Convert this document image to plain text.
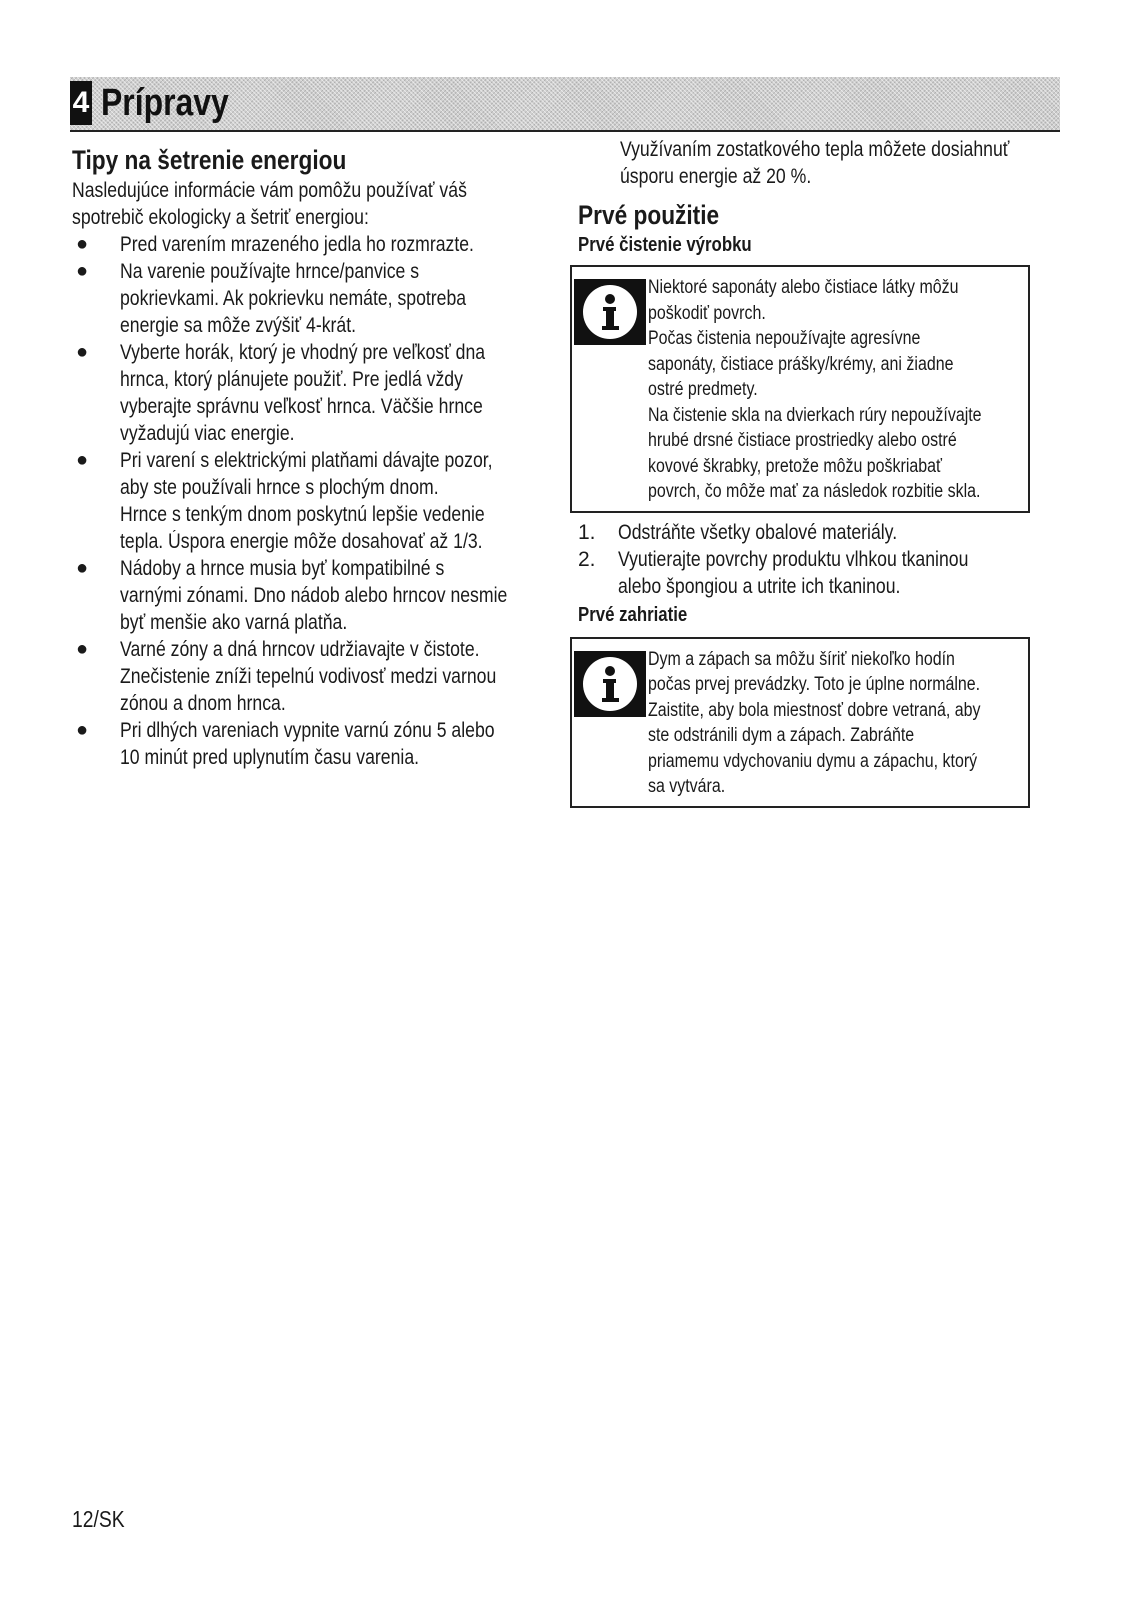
4 Prípravy
Tipy na šetrenie energiou
Nasledujúce informácie vám pomôžu používať váš
spotrebič ekologicky a šetriť energiou:
● Pred varením mrazeného jedla ho rozmrazte.
● Na varenie používajte hrnce/panvice s
pokrievkami. Ak pokrievku nemáte, spotreba
energie sa môže zvýšiť 4-krát.
● Vyberte horák, ktorý je vhodný pre veľkosť dna
hrnca, ktorý plánujete použiť. Pre jedlá vždy
vyberajte správnu veľkosť hrnca. Väčšie hrnce
vyžadujú viac energie.
● Pri varení s elektrickými platňami dávajte pozor,
aby ste používali hrnce s plochým dnom.
Hrnce s tenkým dnom poskytnú lepšie vedenie
tepla. Úspora energie môže dosahovať až 1/3.
● Nádoby a hrnce musia byť kompatibilné s
varnými zónami. Dno nádob alebo hrncov nesmie
byť menšie ako varná platňa.
● Varné zóny a dná hrncov udržiavajte v čistote.
Znečistenie zníži tepelnú vodivosť medzi varnou
zónou a dnom hrnca.
● Pri dlhých vareniach vypnite varnú zónu 5 alebo
10 minút pred uplynutím času varenia.
Využívaním zostatkového tepla môžete dosiahnuť
úsporu energie až 20 %.
Prvé použitie
Prvé čistenie výrobku
Niektoré saponáty alebo čistiace látky môžu
poškodiť povrch.
Počas čistenia nepoužívajte agresívne
saponáty, čistiace prášky/krémy, ani žiadne
ostré predmety.
Na čistenie skla na dvierkach rúry nepoužívajte
hrubé drsné čistiace prostriedky alebo ostré
kovové škrabky, pretože môžu poškriabať
povrch, čo môže mať za následok rozbitie skla.
1. Odstráňte všetky obalové materiály.
2. Vyutierajte povrchy produktu vlhkou tkaninou
alebo špongiou a utrite ich tkaninou.
Prvé zahriatie
Dym a zápach sa môžu šíriť niekoľko hodín
počas prvej prevádzky. Toto je úplne normálne.
Zaistite, aby bola miestnosť dobre vetraná, aby
ste odstránili dym a zápach. Zabráňte
priamemu vdychovaniu dymu a zápachu, ktorý
sa vytvára.
12/SK
